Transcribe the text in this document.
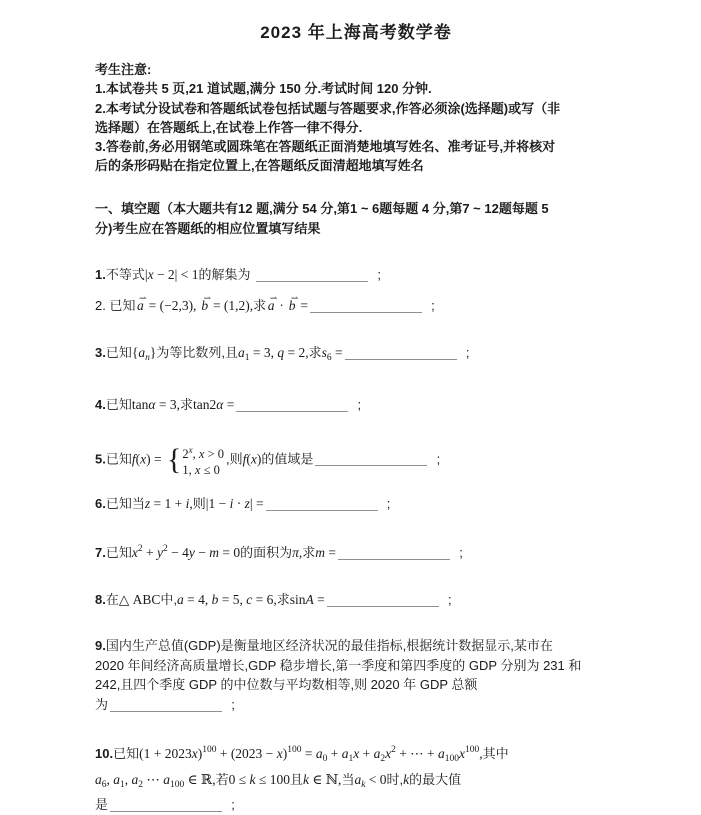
2023 年上海高考数学卷

考生注意:

1.本试卷共 5 页,21 道试题,满分 150 分.考试时间 120 分钟.

2.本考试分设试卷和答题纸试卷包括试题与答题要求,作答必须涂(选择题)或写（非
选择题）在答题纸上,在试卷上作答一律不得分.

3.答卷前,务必用钢笔或圆珠笔在答题纸正面消楚地填写姓名、准考证号,并将核对
后的条形码贴在指定位置上,在答题纸反面清超地填写姓名

一、填空题（本大题共有12 题,满分 54 分,第1 ~ 6题每题 4 分,第7 ~ 12题每题 5
分)考生应在答题纸的相应位置填写结果

1.不等式|x − 2| < 1的解集为	;

2. 已知 ⇀ a = (−2,3), ⇀ b = (1,2),求 ⇀ a · ⇀ b =	;

3.已知$\{a_n\}$为等比数列,且$a_1 = 3$, q = 2,求$s_6$ =	;

4.已知tanα = 3,求tan2α =	;

5.已知f(x) = { 2$^x$, x > 0
1, x ≤ 0
,则f(x)的值域是	;

6.已知当z = 1 + i,则|1 − i · z| =	;

7.已知$x^2 + y^2 - 4y - m = 0$的面积为π,求m =	;

8.在△ ABC中,a = 4, b = 5, c = 6,求sinA =	;

9.国内生产总值(GDP)是衡量地区经济状况的最佳指标,根据统计数据显示,某市在
2020 年间经济高质量增长,GDP 稳步增长,第一季度和第四季度的 GDP 分别为 231 和
242,且四个季度 GDP 的中位数与平均数相等,则 2020 年 GDP 总额
为	;

10.已知$(1 + 2023x)^{100} + (2023 - x)^{100} = a_0 + a_1x + a_2x^2$ + ⋯ + $a_{100}x^{100}$,其中
$a_6$, $a_1$, $a_2$ ⋯ $a_{100}$ ∈ ℝ,若0 ≤ k ≤ 100且k ∈ ℕ,当$a_k < 0$时,k的最大值
是	;
